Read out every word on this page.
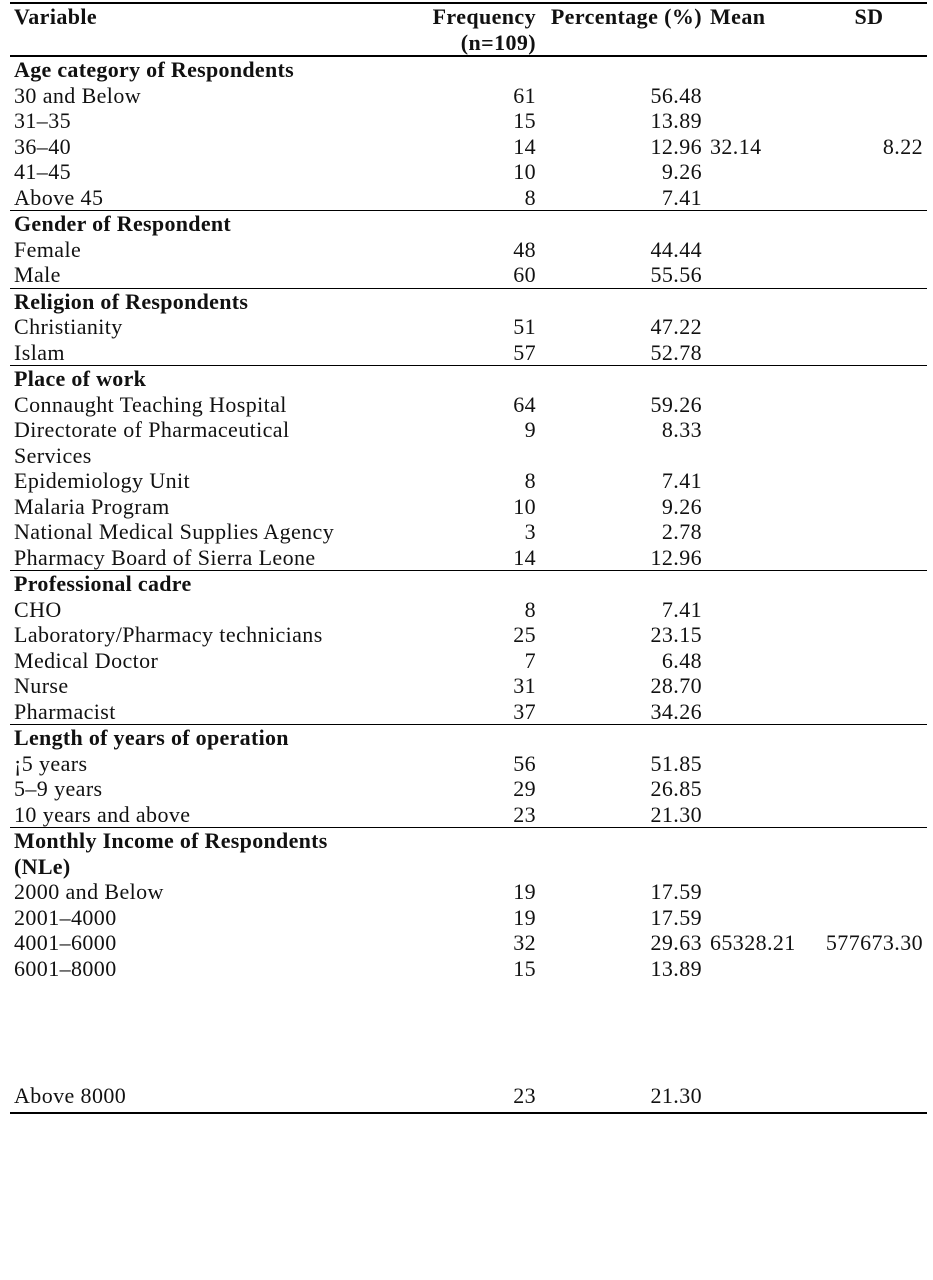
Variable	Frequency (n=109)	Percentage (%)	Mean	SD
Age category of Respondents				
30 and Below	61	56.48		
31–35	15	13.89		
36–40	14	12.96	32.14	8.22
41–45	10	9.26		
Above 45	8	7.41		
Gender of Respondent				
Female	48	44.44		
Male	60	55.56		
Religion of Respondents				
Christianity	51	47.22		
Islam	57	52.78		
Place of work				
Connaught Teaching Hospital	64	59.26		
Directorate of Pharmaceutical Services	9	8.33		
Epidemiology Unit	8	7.41		
Malaria Program	10	9.26		
National Medical Supplies Agency	3	2.78		
Pharmacy Board of Sierra Leone	14	12.96		
Professional cadre				
CHO	8	7.41		
Laboratory/Pharmacy technicians	25	23.15		
Medical Doctor	7	6.48		
Nurse	31	28.70		
Pharmacist	37	34.26		
Length of years of operation				
¡5 years	56	51.85		
5–9 years	29	26.85		
10 years and above	23	21.30		
Monthly Income of Respondents (NLe)				
2000 and Below	19	17.59		
2001–4000	19	17.59		
4001–6000	32	29.63	65328.21	577673.30
6001–8000	15	13.89		
Above 8000	23	21.30		
